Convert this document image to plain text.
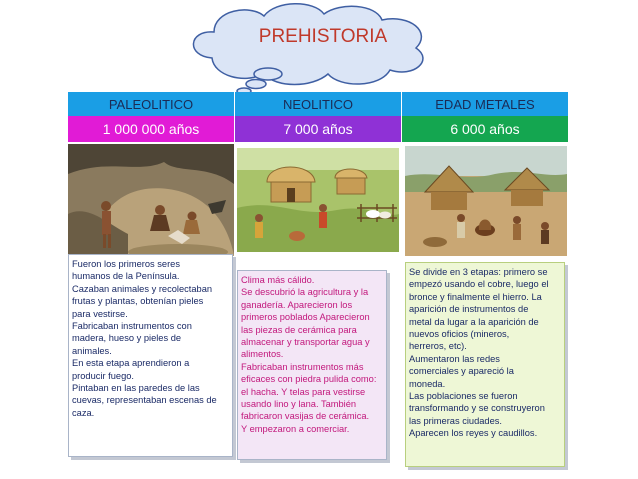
PREHISTORIA
PALEOLITICO	NEOLITICO	EDAD METALES
1 000 000 años	7 000 años	6 000 años

Fueron los primeros seres

humanos de la Península.

Cazaban animales y recolectaban

frutas y plantas, obtenían pieles

para vestirse.

Fabricaban instrumentos con

madera, hueso y pieles de

animales.

En esta etapa aprendieron a

producir fuego.

Pintaban en las paredes de las

cuevas, representaban escenas de

caza.

Clima más cálido.

Se descubrió la agricultura y la

ganadería. Aparecieron los

primeros poblados Aparecieron

las piezas de cerámica para

almacenar y transportar agua y

alimentos.

Fabricaban instrumentos más

eficaces con piedra pulida como:

el hacha. Y telas para vestirse

usando lino y lana. También

fabricaron vasijas de cerámica.

Y empezaron a comerciar.

Se divide en 3 etapas: primero se

empezó usando el cobre, luego el

bronce y finalmente el hierro. La

aparición de instrumentos de

metal da lugar a la aparición de

nuevos oficios (mineros,

herreros, etc).

Aumentaron las redes

comerciales y apareció la

moneda.

Las poblaciones se fueron

transformando y se construyeron

las primeras ciudades.

Aparecen los reyes y caudillos.
